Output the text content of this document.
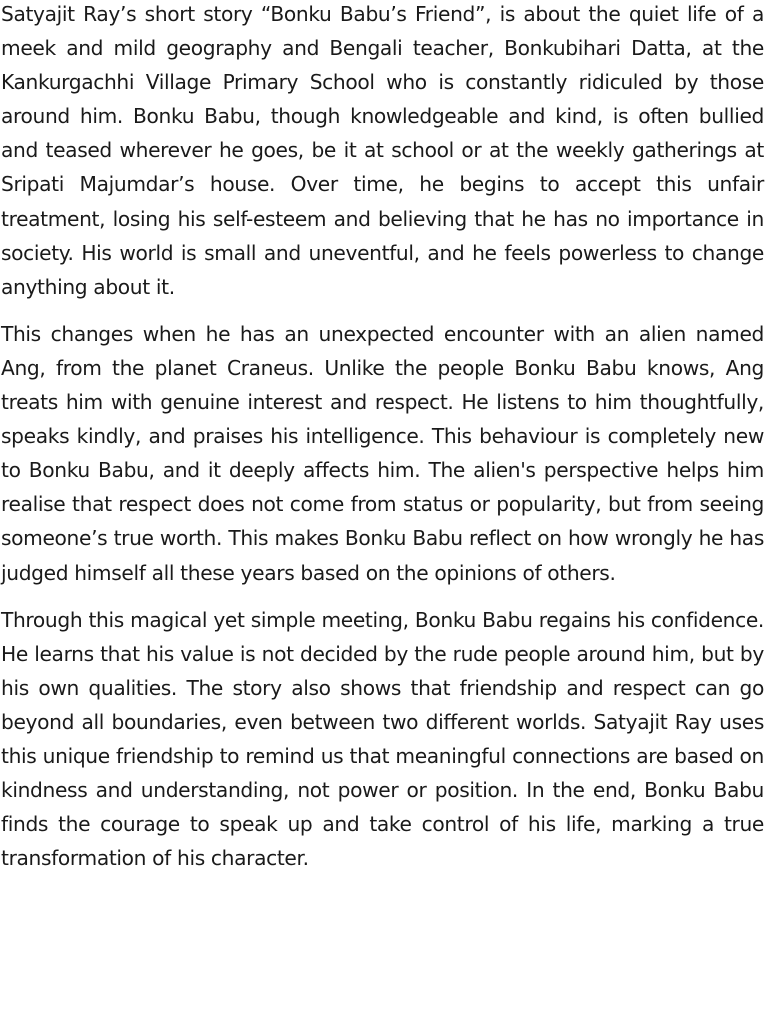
Satyajit Ray’s short story “Bonku Babu’s Friend”, is about the quiet life of a meek and mild geography and Bengali teacher, Bonkubihari Datta, at the Kankurgachhi Village Primary School who is constantly ridiculed by those around him. Bonku Babu, though knowledgeable and kind, is often bullied and teased wherever he goes, be it at school or at the weekly gatherings at Sripati Majumdar’s house. Over time, he begins to accept this unfair treatment, losing his self-esteem and believing that he has no importance in society. His world is small and uneventful, and he feels powerless to change anything about it.

This changes when he has an unexpected encounter with an alien named Ang, from the planet Craneus. Unlike the people Bonku Babu knows, Ang treats him with genuine interest and respect. He listens to him thoughtfully, speaks kindly, and praises his intelligence. This behaviour is completely new to Bonku Babu, and it deeply affects him. The alien's perspective helps him realise that respect does not come from status or popularity, but from seeing someone’s true worth. This makes Bonku Babu reflect on how wrongly he has judged himself all these years based on the opinions of others.

Through this magical yet simple meeting, Bonku Babu regains his confidence. He learns that his value is not decided by the rude people around him, but by his own qualities. The story also shows that friendship and respect can go beyond all boundaries, even between two different worlds. Satyajit Ray uses this unique friendship to remind us that meaningful connections are based on kindness and understanding, not power or position. In the end, Bonku Babu finds the courage to speak up and take control of his life, marking a true transformation of his character.
